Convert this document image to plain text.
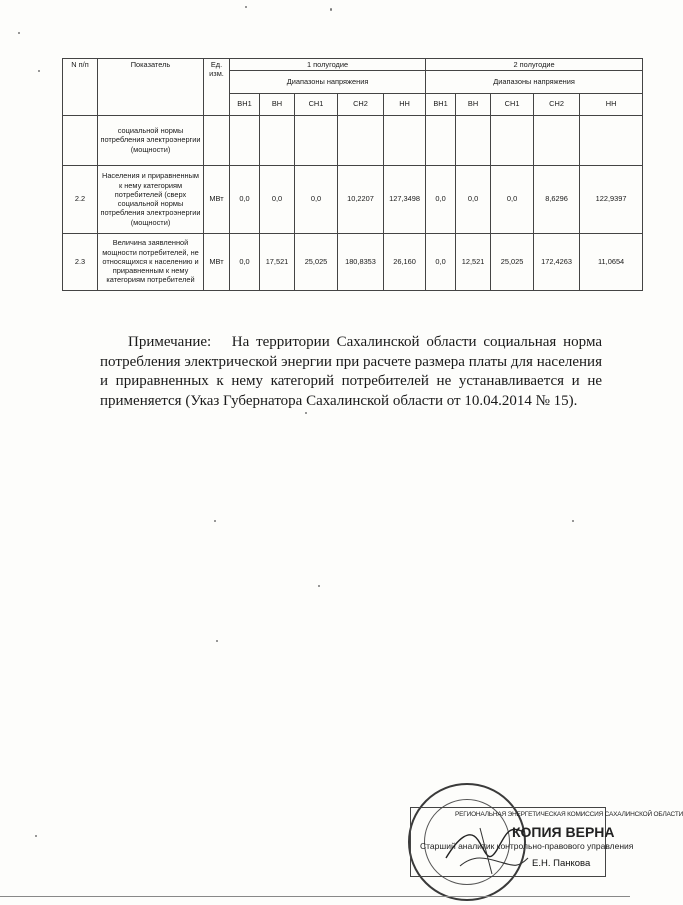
N п/п	Показатель	Ед. изм.	1 полугодие					2 полугодие				
			Диапазоны напряжения					Диапазоны напряжения				
			ВН1	ВН	СН1	СН2	НН	ВН1	ВН	СН1	СН2	НН
	социальной нормы потребления электроэнергии (мощности)											
2.2	Населения и приравненным к нему категориям потребителей (сверх социальной нормы потребления электроэнергии (мощности)	МВт	0,0	0,0	0,0	10,2207	127,3498	0,0	0,0	0,0	8,6296	122,9397
2.3	Величина заявленной мощности потребителей, не относящихся к населению и приравненным к нему категориям потребителей	МВт	0,0	17,521	25,025	180,8353	26,160	0,0	12,521	25,025	172,4263	11,0654

Примечание: На территории Сахалинской области социальная норма потребления электрической энергии при расчете размера платы для населения и приравненных к нему категорий потребителей не устанавливается и не применяется (Указ Губернатора Сахалинской области от 10.04.2014 № 15).

РЕГИОНАЛЬНАЯ ЭНЕРГЕТИЧЕСКАЯ КОМИССИЯ САХАЛИНСКОЙ ОБЛАСТИ
КОПИЯ ВЕРНА
Старший аналитик контрольно-правового управления
Е.Н. Панкова
